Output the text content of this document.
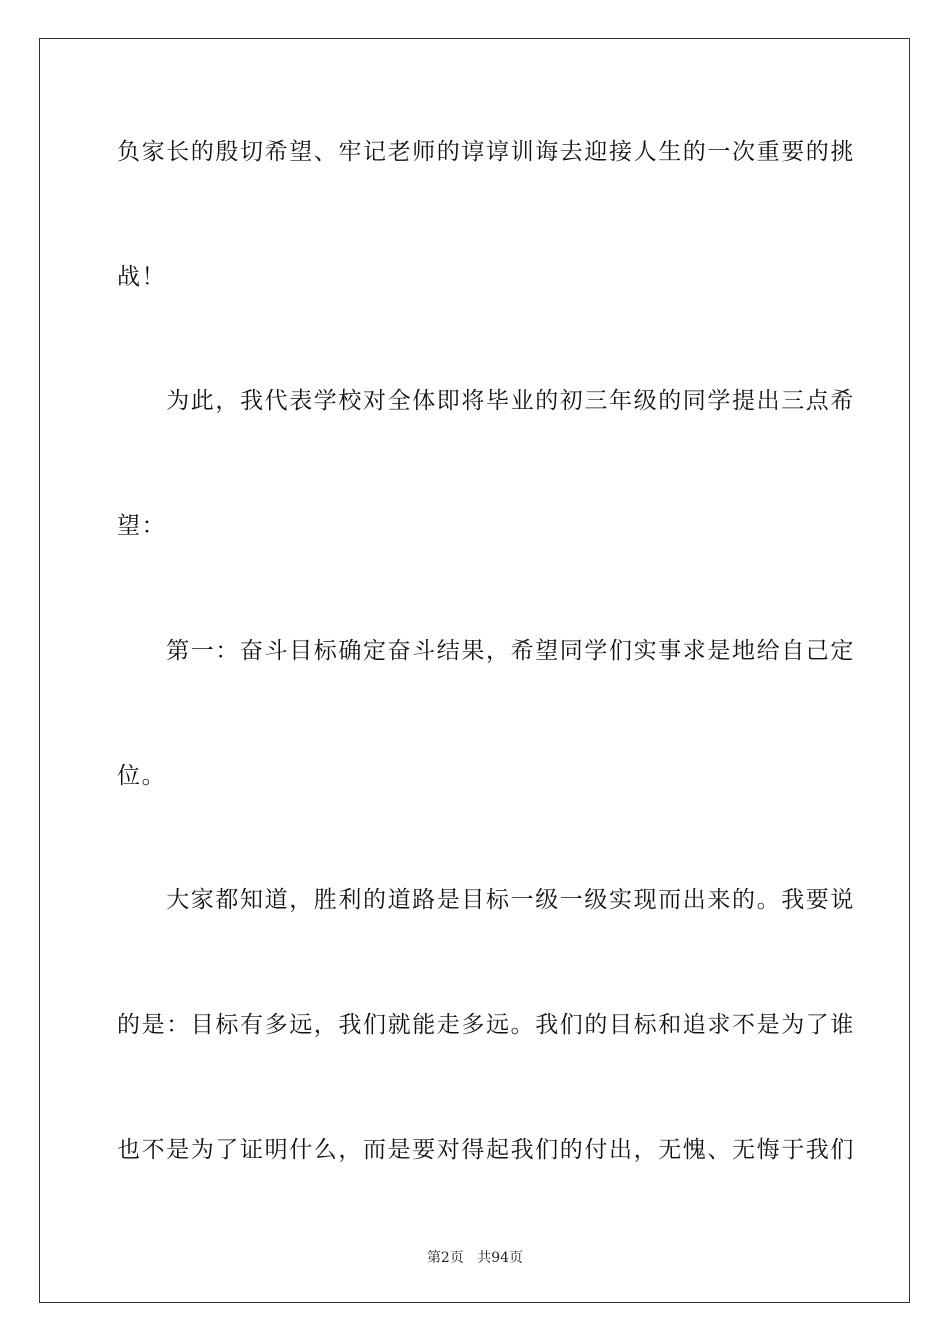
负家长的殷切希望、牢记老师的谆谆训诲去迎接人生的一次重要的挑
战！
　　为此，我代表学校对全体即将毕业的初三年级的同学提出三点希
望：
　　第一：奋斗目标确定奋斗结果，希望同学们实事求是地给自己定
位。
　　大家都知道，胜利的道路是目标一级一级实现而出来的。我要说
的是：目标有多远，我们就能走多远。我们的目标和追求不是为了谁
也不是为了证明什么，而是要对得起我们的付出，无愧、无悔于我们
第2页 共94页
